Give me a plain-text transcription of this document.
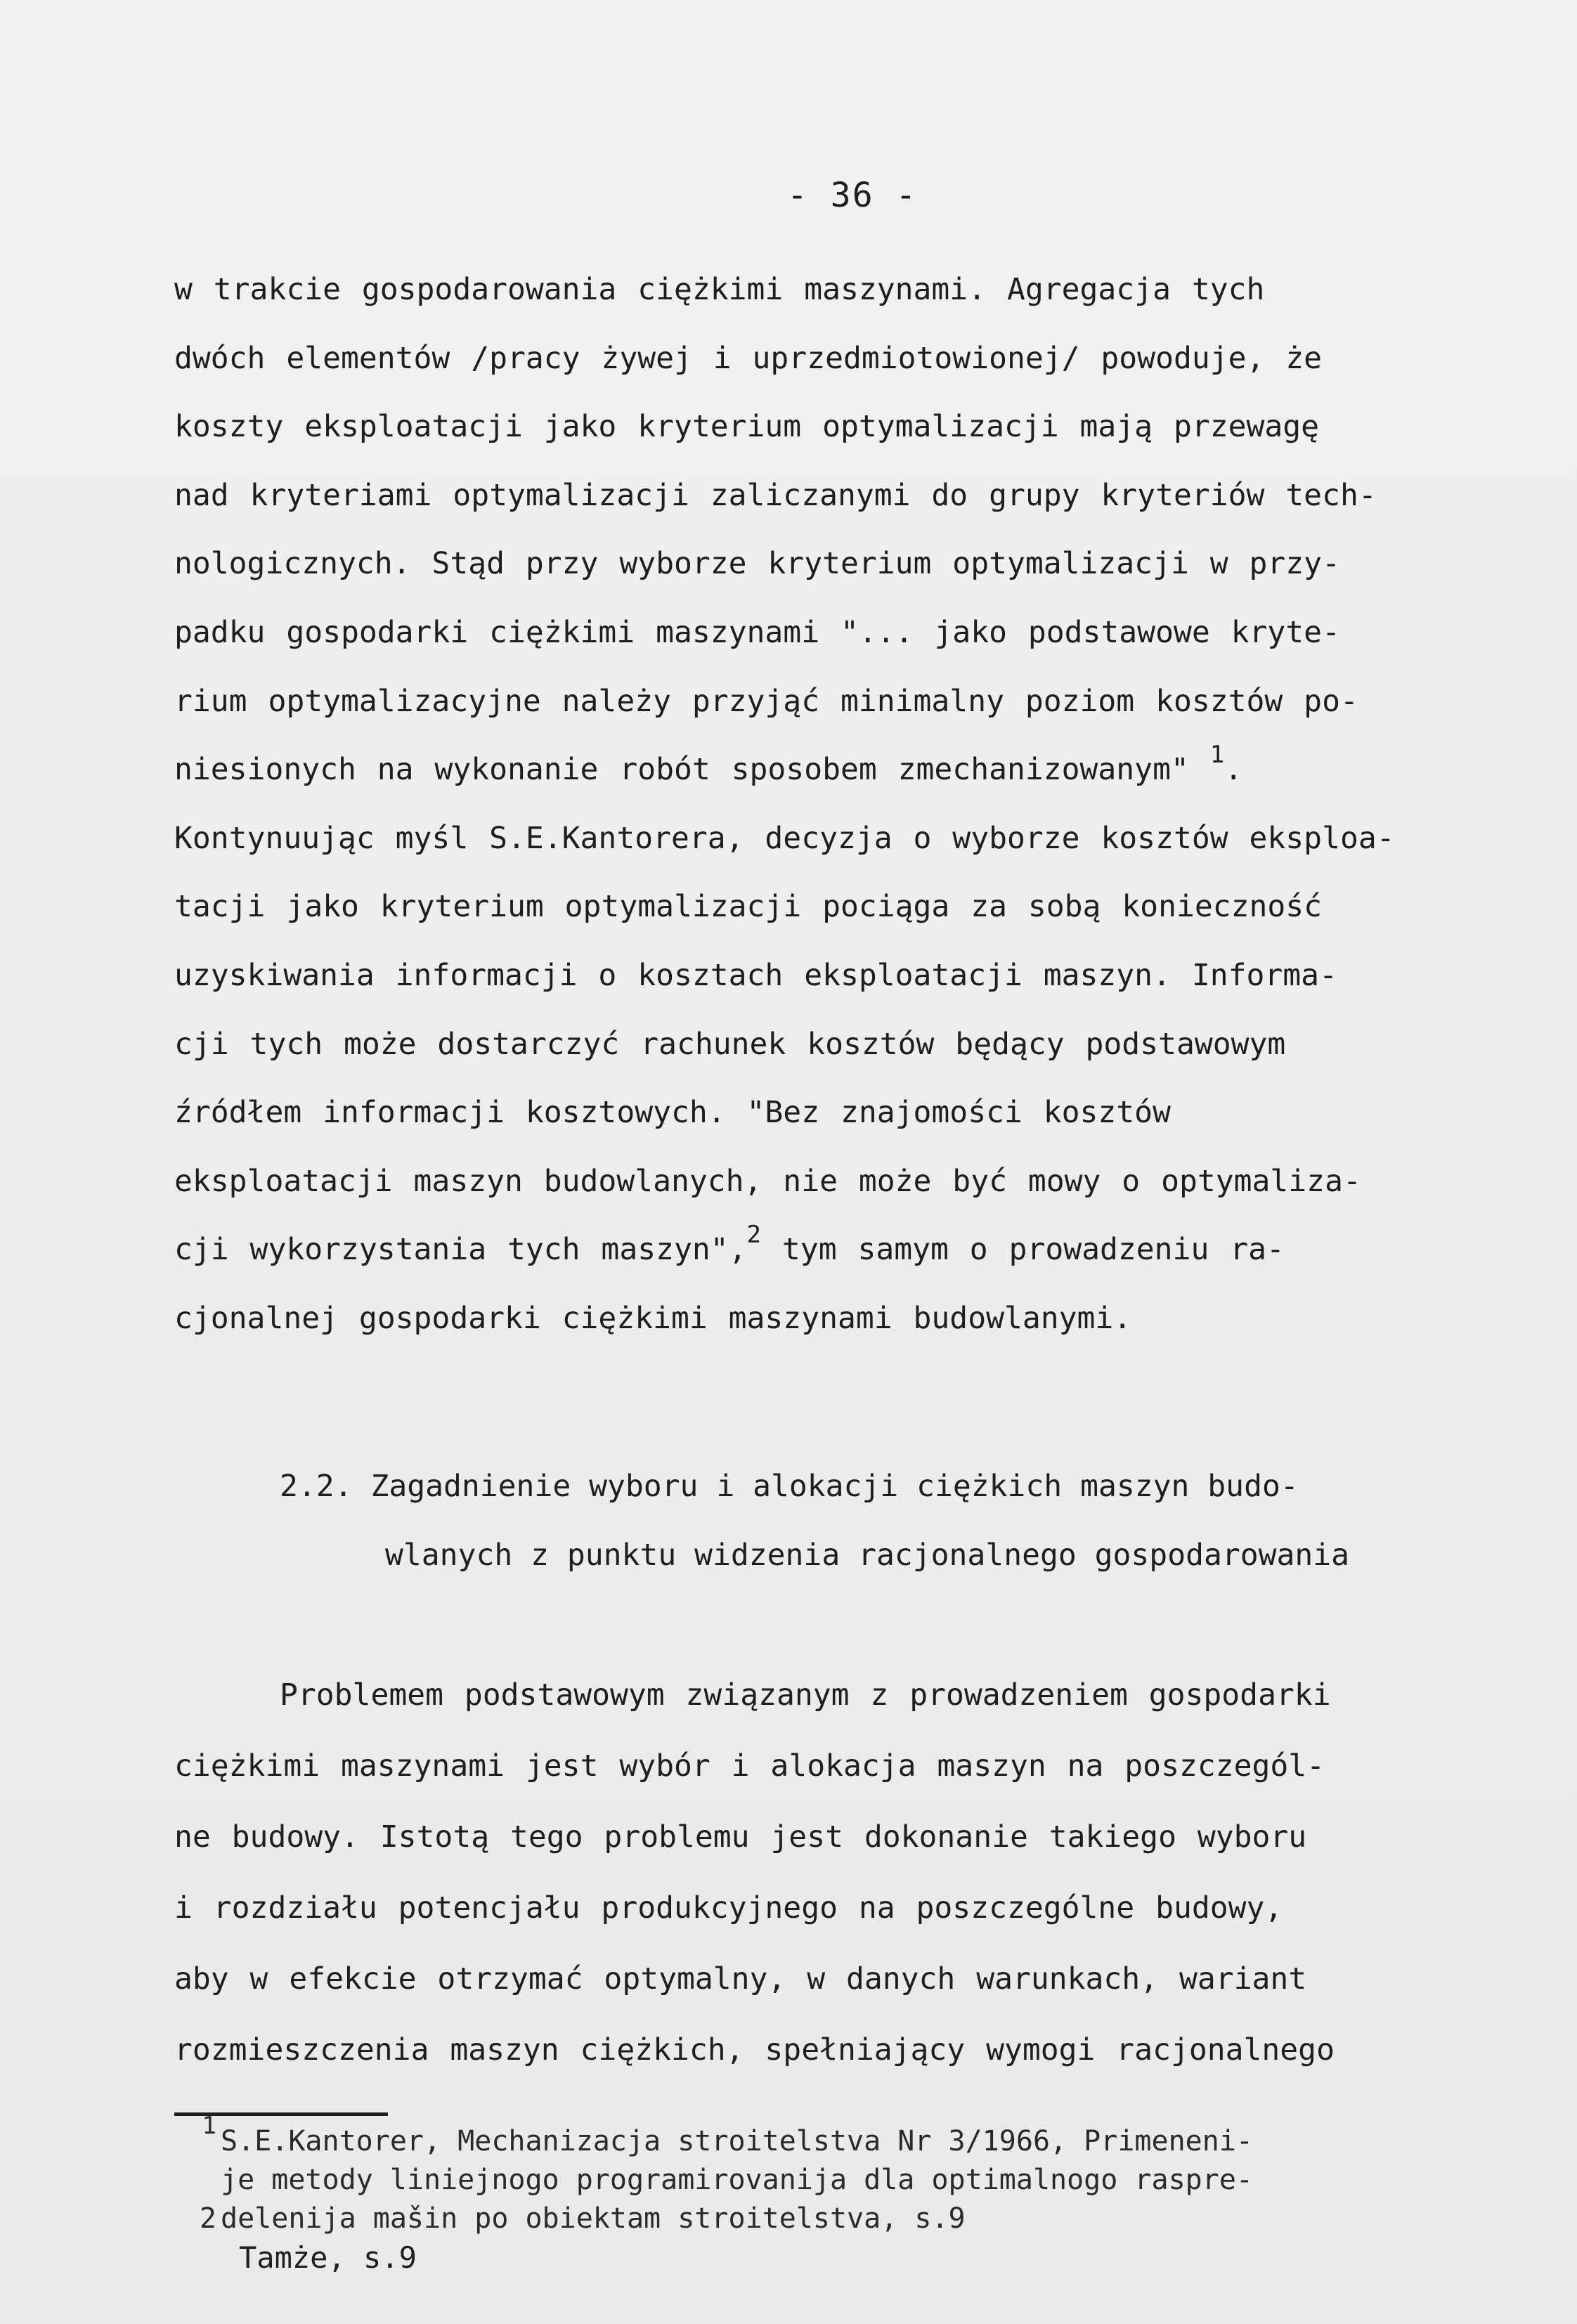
- 36 -
w trakcie gospodarowania ciężkimi maszynami. Agregacja tych
dwóch elementów /pracy żywej i uprzedmiotowionej/ powoduje, że
koszty eksploatacji jako kryterium optymalizacji mają przewagę
nad kryteriami optymalizacji zaliczanymi do grupy kryteriów tech-
nologicznych. Stąd przy wyborze kryterium optymalizacji w przy-
padku gospodarki ciężkimi maszynami "... jako podstawowe kryte-
rium optymalizacyjne należy przyjąć minimalny poziom kosztów po-
niesionych na wykonanie robót sposobem zmechanizowanym" $^1$.
Kontynuując myśl S.E.Kantorera, decyzja o wyborze kosztów eksploa-
tacji jako kryterium optymalizacji pociąga za sobą konieczność
uzyskiwania informacji o kosztach eksploatacji maszyn. Informa-
cji tych może dostarczyć rachunek kosztów będący podstawowym
źródłem informacji kosztowych. "Bez znajomości kosztów
eksploatacji maszyn budowlanych, nie może być mowy o optymaliza-
cji wykorzystania tych maszyn",$^2$ tym samym o prowadzeniu ra-
cjonalnej gospodarki ciężkimi maszynami budowlanymi.
2.2. Zagadnienie wyboru i alokacji ciężkich maszyn budo-
wlanych z punktu widzenia racjonalnego gospodarowania
Problemem podstawowym związanym z prowadzeniem gospodarki
ciężkimi maszynami jest wybór i alokacja maszyn na poszczegól-
ne budowy. Istotą tego problemu jest dokonanie takiego wyboru
i rozdziału potencjału produkcyjnego na poszczególne budowy,
aby w efekcie otrzymać optymalny, w danych warunkach, wariant
rozmieszczenia maszyn ciężkich, spełniający wymogi racjonalnego
$^1$ S.E.Kantorer, Mechanizacja stroitelstva Nr 3/1966, Primeneni-
je metody liniejnogo programirovanija dla optimalnogo raspre-
2 delenija mašin po obiektam stroitelstva, s.9
Tamże, s.9
